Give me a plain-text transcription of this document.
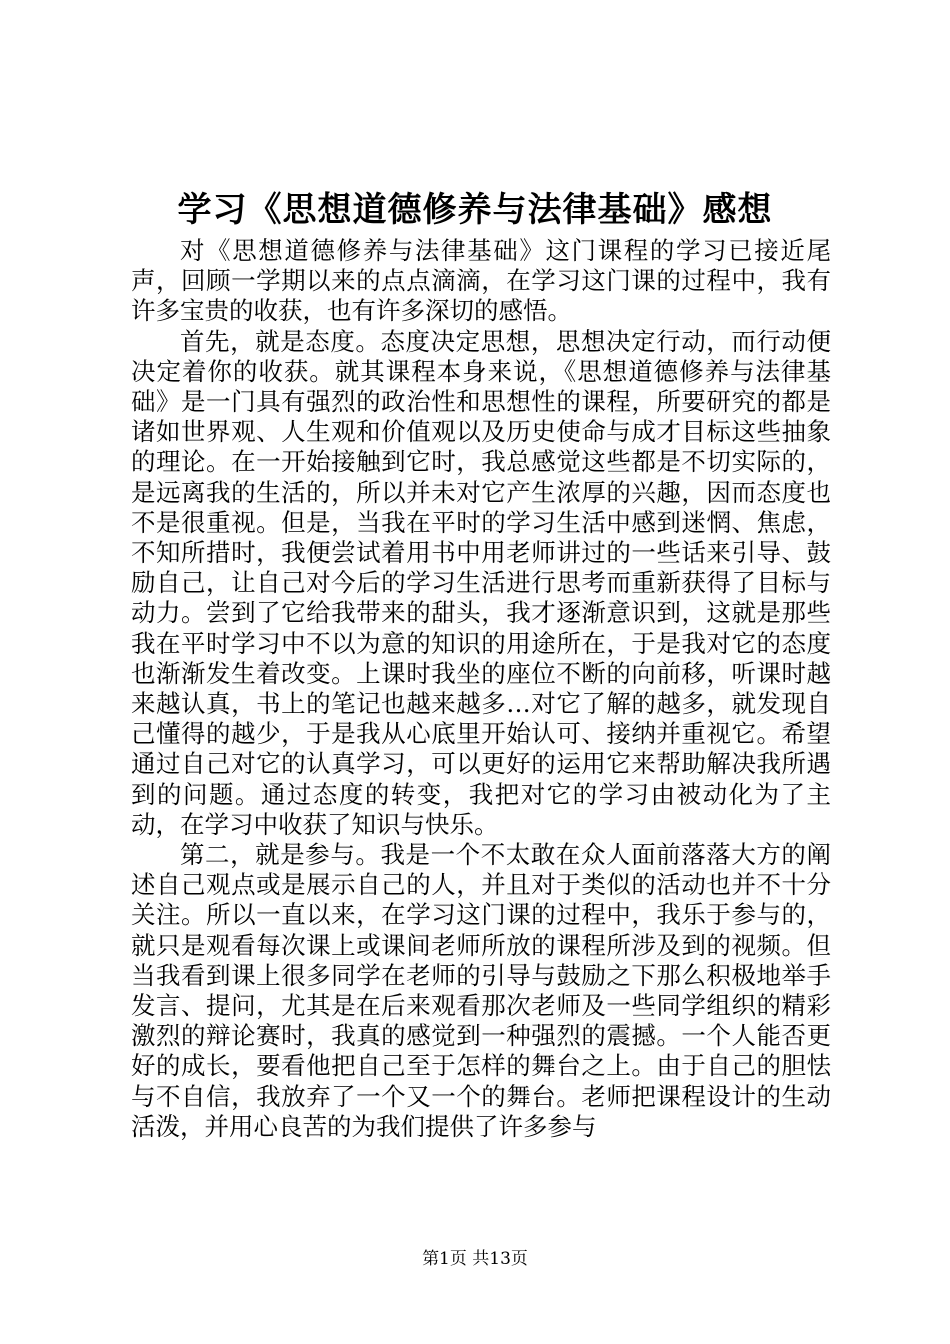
学习《思想道德修养与法律基础》感想

对《思想道德修养与法律基础》这门课程的学习已接近尾声，回顾一学期以来的点点滴滴，在学习这门课的过程中，我有许多宝贵的收获，也有许多深切的感悟。

首先，就是态度。态度决定思想，思想决定行动，而行动便决定着你的收获。就其课程本身来说，《思想道德修养与法律基础》是一门具有强烈的政治性和思想性的课程，所要研究的都是诸如世界观、人生观和价值观以及历史使命与成才目标这些抽象的理论。在一开始接触到它时，我总感觉这些都是不切实际的，是远离我的生活的，所以并未对它产生浓厚的兴趣，因而态度也不是很重视。但是，当我在平时的学习生活中感到迷惘、焦虑，不知所措时，我便尝试着用书中用老师讲过的一些话来引导、鼓励自己，让自己对今后的学习生活进行思考而重新获得了目标与动力。尝到了它给我带来的甜头，我才逐渐意识到，这就是那些我在平时学习中不以为意的知识的用途所在，于是我对它的态度也渐渐发生着改变。上课时我坐的座位不断的向前移，听课时越来越认真，书上的笔记也越来越多…对它了解的越多，就发现自己懂得的越少，于是我从心底里开始认可、接纳并重视它。希望通过自己对它的认真学习，可以更好的运用它来帮助解决我所遇到的问题。通过态度的转变，我把对它的学习由被动化为了主动，在学习中收获了知识与快乐。

第二，就是参与。我是一个不太敢在众人面前落落大方的阐述自己观点或是展示自己的人，并且对于类似的活动也并不十分关注。所以一直以来，在学习这门课的过程中，我乐于参与的，就只是观看每次课上或课间老师所放的课程所涉及到的视频。但当我看到课上很多同学在老师的引导与鼓励之下那么积极地举手发言、提问，尤其是在后来观看那次老师及一些同学组织的精彩激烈的辩论赛时，我真的感觉到一种强烈的震撼。一个人能否更好的成长，要看他把自己至于怎样的舞台之上。由于自己的胆怯与不自信，我放弃了一个又一个的舞台。老师把课程设计的生动活泼，并用心良苦的为我们提供了许多参与

第1页 共13页
